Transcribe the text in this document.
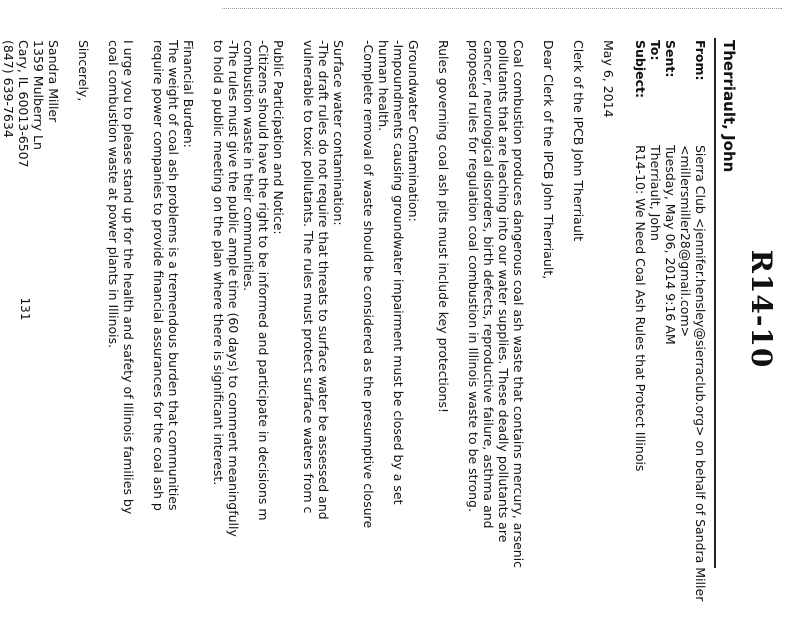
R14-10
Therriault, John
From:
Sierra Club <jennifer.hensley@sierraclub.org> on behalf of Sandra Miller
<millersmiller28@gmail.com>
Sent:
Tuesday, May 06, 2014 9:16 AM
To:
Therriault, John
Subject:
R14-10: We Need Coal Ash Rules that Protect Illinois

May 6, 2014

Clerk of the IPCB John Therriault

Dear Clerk of the IPCB John Therriault,

Coal combustion produces dangerous coal ash waste that contains mercury, arsenic

pollutants that are leaching into our water supplies. These deadly pollutants are

cancer, neurological disorders, birth defects, reproductive failure, asthma and

proposed rules for regulation coal combustion in Illinois waste to be strong.

Rules governing coal ash pits must include key protections!

Groundwater Contamination:

-Impoundments causing groundwater impairment must be closed by a set

human health.

-Complete removal of waste should be considered as the presumptive closure

Surface water contamination:

-The draft rules do not require that threats to surface water be assessed and

vulnerable to toxic pollutants. The rules must protect surface waters from c

Public Participation and Notice:

-Citizens should have the right to be informed and participate in decisions m

combustion waste in their communities.

-The rules must give the public ample time (60 days) to comment meaningfully

to hold a public meeting on the plan where there is significant interest.

Financial Burden:

The weight of coal ash problems is a tremendous burden that communities

require power companies to provide financial assurances for the coal ash p

I urge you to please stand up for the health and safety of Illinois families by

coal combustion waste at power plants in Illinois.

Sincerely,

Sandra Miller

1359 Mulberry Ln

Cary, IL 60013-6507

(847) 639-7634

131
